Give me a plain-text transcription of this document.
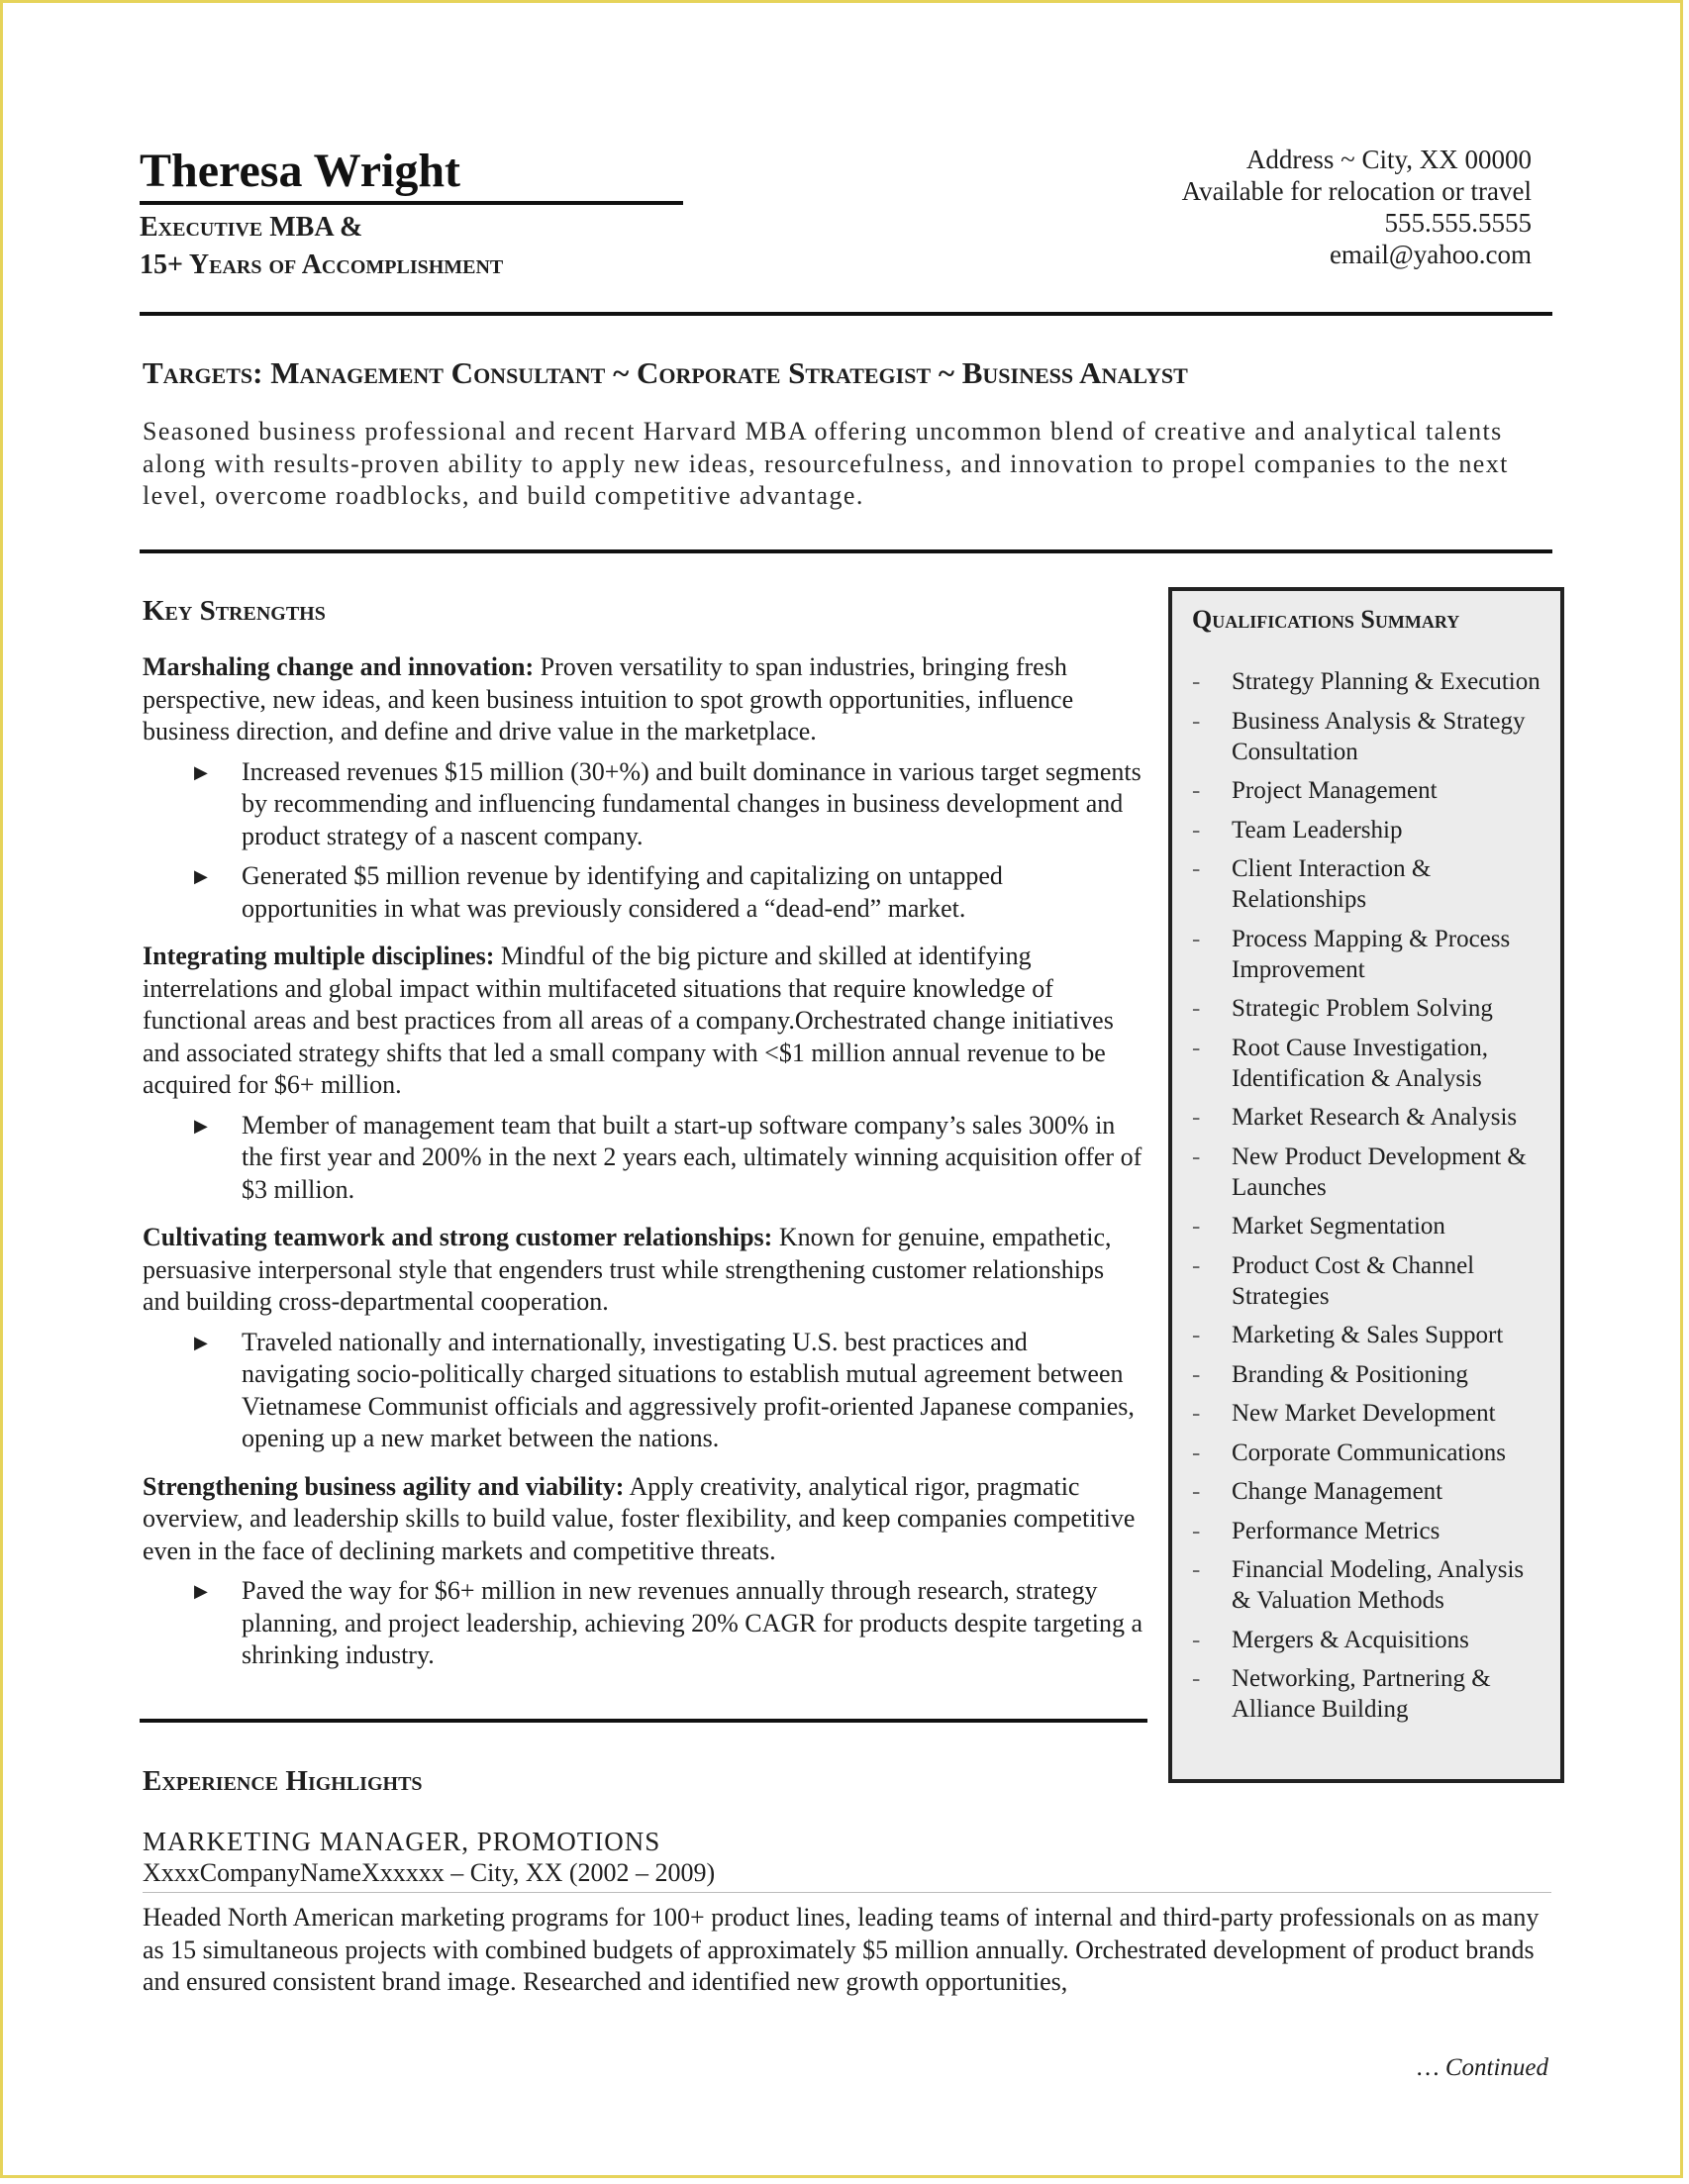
Theresa Wright
Executive MBA &
15+ Years of Accomplishment
Address ~ City, XX 00000
Available for relocation or travel
555.555.5555
email@yahoo.com
Targets: Management Consultant ~ Corporate Strategist ~ Business Analyst
Seasoned business professional and recent Harvard MBA offering uncommon blend of creative and analytical talents along with results-proven ability to apply new ideas, resourcefulness, and innovation to propel companies to the next level, overcome roadblocks, and build competitive advantage.
Key Strengths
Marshaling change and innovation: Proven versatility to span industries, bringing fresh perspective, new ideas, and keen business intuition to spot growth opportunities, influence business direction, and define and drive value in the marketplace.
▶ Increased revenues $15 million (30+%) and built dominance in various target segments by recommending and influencing fundamental changes in business development and product strategy of a nascent company.
▶ Generated $5 million revenue by identifying and capitalizing on untapped opportunities in what was previously considered a “dead-end” market.
Integrating multiple disciplines: Mindful of the big picture and skilled at identifying interrelations and global impact within multifaceted situations that require knowledge of functional areas and best practices from all areas of a company.Orchestrated change initiatives and associated strategy shifts that led a small company with <$1 million annual revenue to be acquired for $6+ million.
▶ Member of management team that built a start-up software company’s sales 300% in the first year and 200% in the next 2 years each, ultimately winning acquisition offer of $3 million.
Cultivating teamwork and strong customer relationships: Known for genuine, empathetic, persuasive interpersonal style that engenders trust while strengthening customer relationships and building cross-departmental cooperation.
▶ Traveled nationally and internationally, investigating U.S. best practices and navigating socio-politically charged situations to establish mutual agreement between Vietnamese Communist officials and aggressively profit-oriented Japanese companies, opening up a new market between the nations.
Strengthening business agility and viability: Apply creativity, analytical rigor, pragmatic overview, and leadership skills to build value, foster flexibility, and keep companies competitive even in the face of declining markets and competitive threats.
▶ Paved the way for $6+ million in new revenues annually through research, strategy planning, and project leadership, achieving 20% CAGR for products despite targeting a shrinking industry.
Qualifications Summary
- Strategy Planning & Execution
- Business Analysis & Strategy Consultation
- Project Management
- Team Leadership
- Client Interaction & Relationships
- Process Mapping & Process Improvement
- Strategic Problem Solving
- Root Cause Investigation, Identification & Analysis
- Market Research & Analysis
- New Product Development & Launches
- Market Segmentation
- Product Cost & Channel Strategies
- Marketing & Sales Support
- Branding & Positioning
- New Market Development
- Corporate Communications
- Change Management
- Performance Metrics
- Financial Modeling, Analysis & Valuation Methods
- Mergers & Acquisitions
- Networking, Partnering & Alliance Building
Experience Highlights
MARKETING MANAGER, PROMOTIONS
XxxxCompanyNameXxxxxx – City, XX (2002 – 2009)
Headed North American marketing programs for 100+ product lines, leading teams of internal and third-party professionals on as many as 15 simultaneous projects with combined budgets of approximately $5 million annually. Orchestrated development of product brands and ensured consistent brand image. Researched and identified new growth opportunities,
… Continued
